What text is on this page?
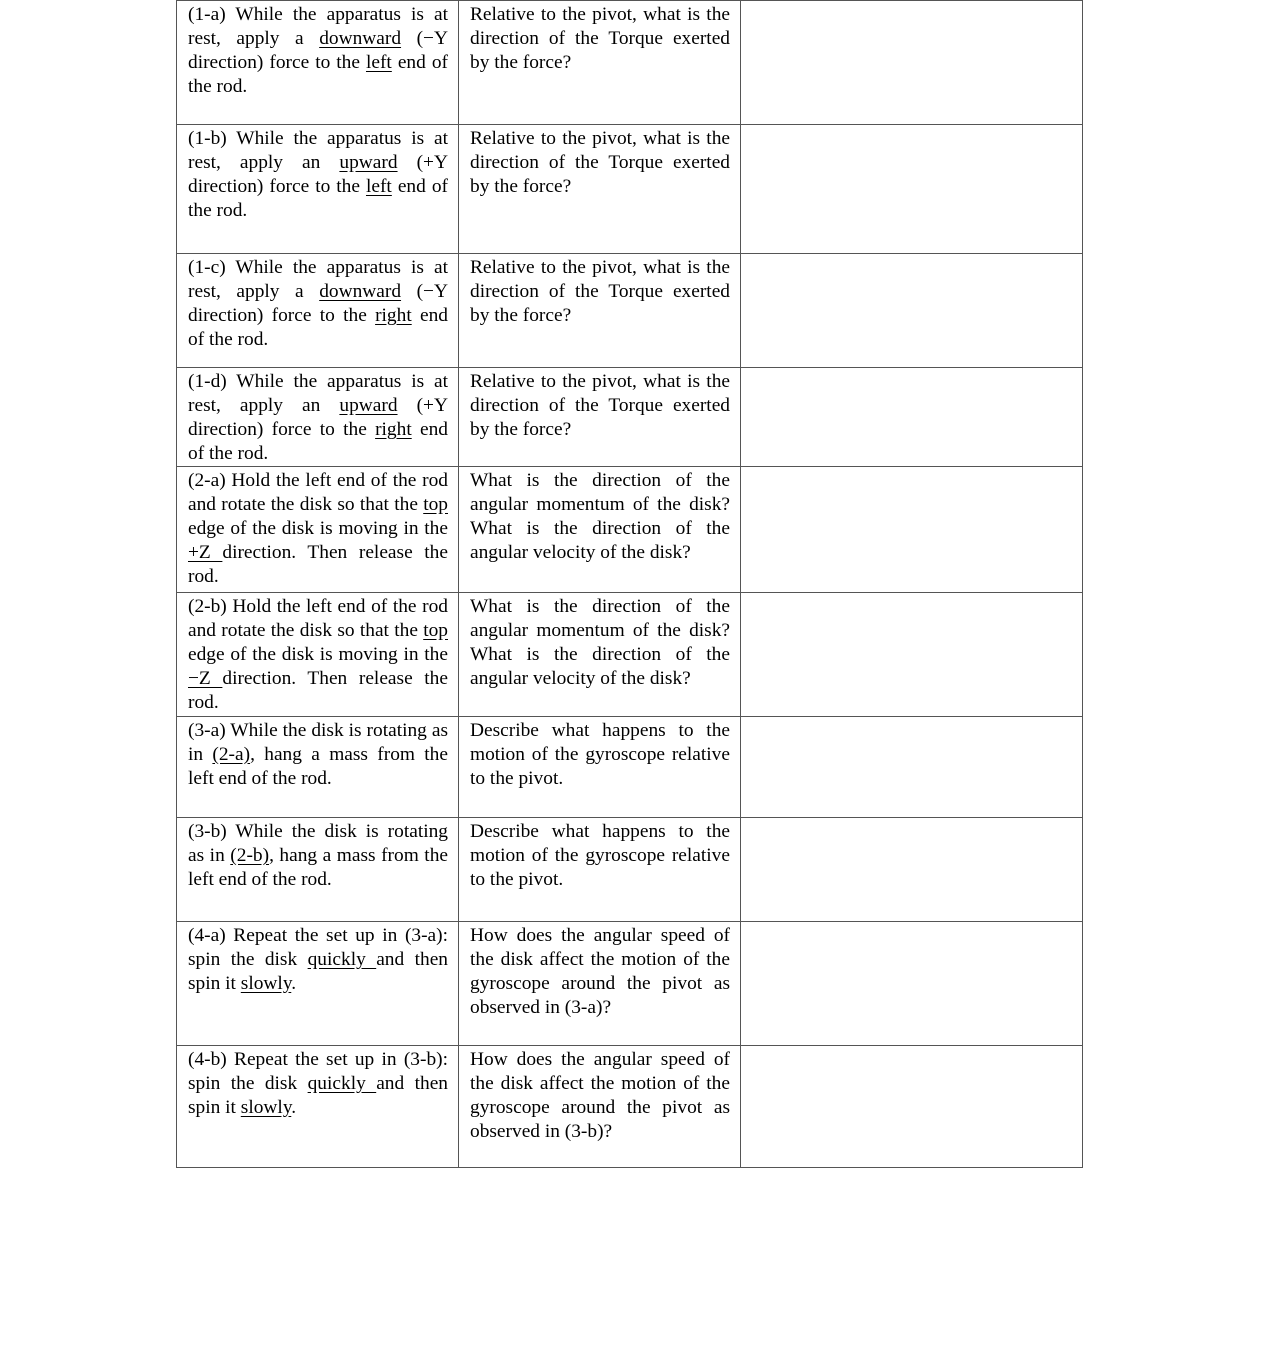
(1-a) While the apparatus is at rest, apply a downward (−Y direction) force to the left end of the rod.	Relative to the pivot, what is the direction of the Torque exerted by the force?	
(1-b) While the apparatus is at rest, apply an upward (+Y direction) force to the left end of the rod.	Relative to the pivot, what is the direction of the Torque exerted by the force?	
(1-c) While the apparatus is at rest, apply a downward (−Y direction) force to the right end of the rod.	Relative to the pivot, what is the direction of the Torque exerted by the force?	
(1-d) While the apparatus is at rest, apply an upward (+Y direction) force to the right end of the rod.	Relative to the pivot, what is the direction of the Torque exerted by the force?	
(2-a) Hold the left end of the rod and rotate the disk so that the top edge of the disk is moving in the +Z direction. Then release the rod.	What is the direction of the angular momentum of the disk? What is the direction of the angular velocity of the disk?	
(2-b) Hold the left end of the rod and rotate the disk so that the top edge of the disk is moving in the −Z direction. Then release the rod.	What is the direction of the angular momentum of the disk? What is the direction of the angular velocity of the disk?	
(3-a) While the disk is rotating as in (2-a), hang a mass from the left end of the rod.	Describe what happens to the motion of the gyroscope relative to the pivot.	
(3-b) While the disk is rotating as in (2-b), hang a mass from the left end of the rod.	Describe what happens to the motion of the gyroscope relative to the pivot.	
(4-a) Repeat the set up in (3-a): spin the disk quickly and then spin it slowly.	How does the angular speed of the disk affect the motion of the gyroscope around the pivot as observed in (3-a)?	
(4-b) Repeat the set up in (3-b): spin the disk quickly and then spin it slowly.	How does the angular speed of the disk affect the motion of the gyroscope around the pivot as observed in (3-b)?	
